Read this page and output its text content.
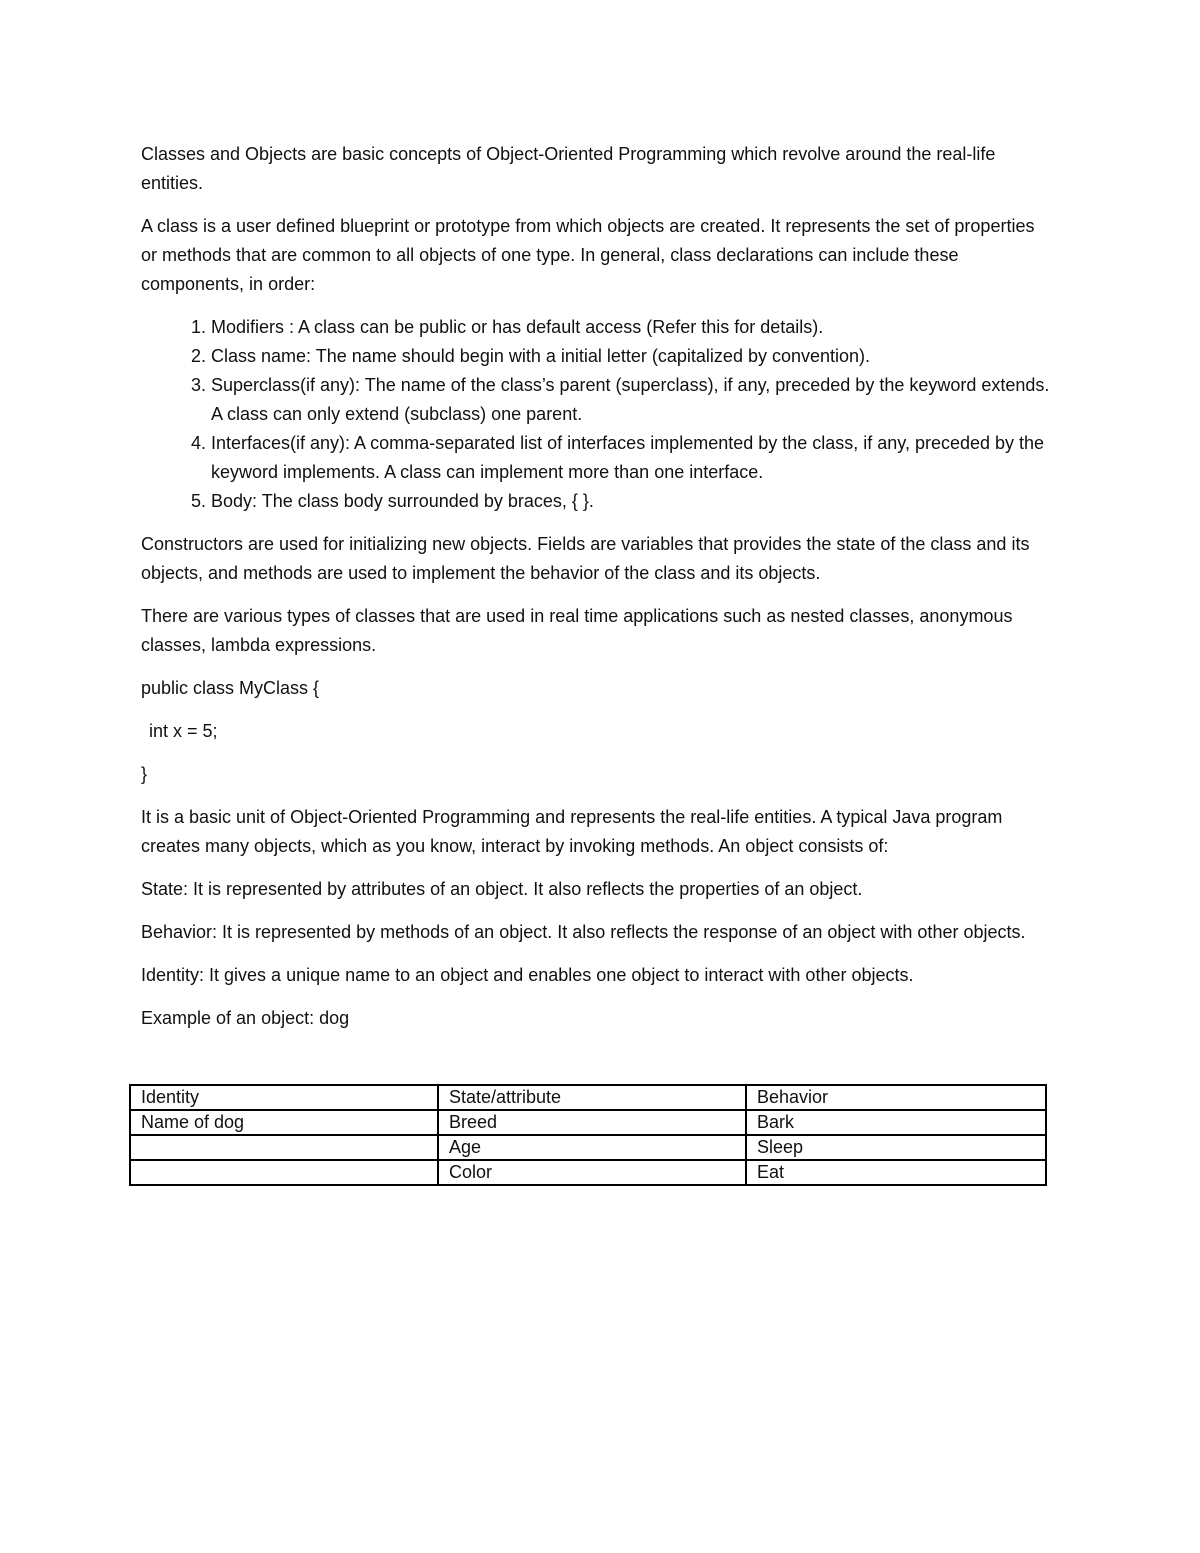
Classes and Objects are basic concepts of Object-Oriented Programming which revolve around the real-life entities.

A class is a user defined blueprint or prototype from which objects are created. It represents the set of properties or methods that are common to all objects of one type. In general, class declarations can include these components, in order:

1. Modifiers : A class can be public or has default access (Refer this for details).
2. Class name: The name should begin with a initial letter (capitalized by convention).
3. Superclass(if any): The name of the class’s parent (superclass), if any, preceded by the keyword extends. A class can only extend (subclass) one parent.
4. Interfaces(if any): A comma-separated list of interfaces implemented by the class, if any, preceded by the keyword implements. A class can implement more than one interface.
5. Body: The class body surrounded by braces, { }.

Constructors are used for initializing new objects. Fields are variables that provides the state of the class and its objects, and methods are used to implement the behavior of the class and its objects.

There are various types of classes that are used in real time applications such as nested classes, anonymous classes, lambda expressions.

public class MyClass {

int x = 5;

}

It is a basic unit of Object-Oriented Programming and represents the real-life entities. A typical Java program creates many objects, which as you know, interact by invoking methods. An object consists of:

State: It is represented by attributes of an object. It also reflects the properties of an object.

Behavior: It is represented by methods of an object. It also reflects the response of an object with other objects.

Identity: It gives a unique name to an object and enables one object to interact with other objects.

Example of an object: dog

Identity	State/attribute	Behavior
Name of dog	Breed	Bark
	Age	Sleep
	Color	Eat
